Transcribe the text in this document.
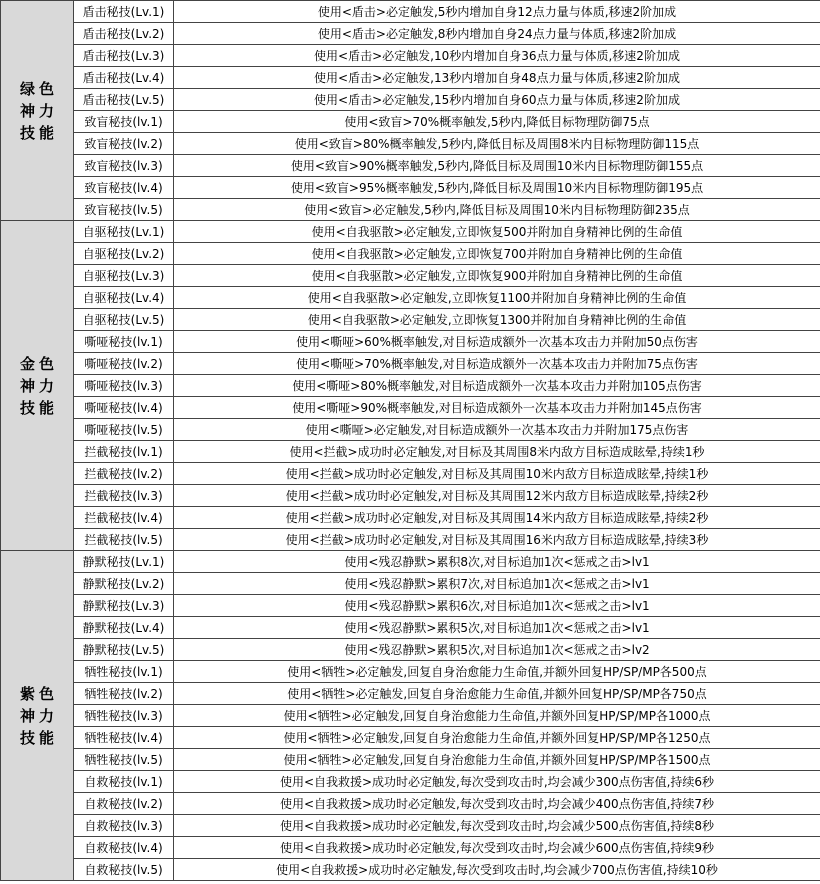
绿色神力技能	盾击秘技(Lv.1)	使用<盾击>必定触发,5秒内增加自身12点力量与体质,移速2阶加成
	盾击秘技(Lv.2)	使用<盾击>必定触发,8秒内增加自身24点力量与体质,移速2阶加成
	盾击秘技(Lv.3)	使用<盾击>必定触发,10秒内增加自身36点力量与体质,移速2阶加成
	盾击秘技(Lv.4)	使用<盾击>必定触发,13秒内增加自身48点力量与体质,移速2阶加成
	盾击秘技(Lv.5)	使用<盾击>必定触发,15秒内增加自身60点力量与体质,移速2阶加成
	致盲秘技(lv.1)	使用<致盲>70%概率触发,5秒内,降低目标物理防御75点
	致盲秘技(lv.2)	使用<致盲>80%概率触发,5秒内,降低目标及周围8米内目标物理防御115点
	致盲秘技(lv.3)	使用<致盲>90%概率触发,5秒内,降低目标及周围10米内目标物理防御155点
	致盲秘技(lv.4)	使用<致盲>95%概率触发,5秒内,降低目标及周围10米内目标物理防御195点
	致盲秘技(lv.5)	使用<致盲>必定触发,5秒内,降低目标及周围10米内目标物理防御235点
金色神力技能	自驱秘技(Lv.1)	使用<自我驱散>必定触发,立即恢复500并附加自身精神比例的生命值
	自驱秘技(Lv.2)	使用<自我驱散>必定触发,立即恢复700并附加自身精神比例的生命值
	自驱秘技(Lv.3)	使用<自我驱散>必定触发,立即恢复900并附加自身精神比例的生命值
	自驱秘技(Lv.4)	使用<自我驱散>必定触发,立即恢复1100并附加自身精神比例的生命值
	自驱秘技(Lv.5)	使用<自我驱散>必定触发,立即恢复1300并附加自身精神比例的生命值
	嘶哑秘技(lv.1)	使用<嘶哑>60%概率触发,对目标造成额外一次基本攻击力并附加50点伤害
	嘶哑秘技(lv.2)	使用<嘶哑>70%概率触发,对目标造成额外一次基本攻击力并附加75点伤害
	嘶哑秘技(lv.3)	使用<嘶哑>80%概率触发,对目标造成额外一次基本攻击力并附加105点伤害
	嘶哑秘技(lv.4)	使用<嘶哑>90%概率触发,对目标造成额外一次基本攻击力并附加145点伤害
	嘶哑秘技(lv.5)	使用<嘶哑>必定触发,对目标造成额外一次基本攻击力并附加175点伤害
	拦截秘技(lv.1)	使用<拦截>成功时必定触发,对目标及其周围8米内敌方目标造成眩晕,持续1秒
	拦截秘技(lv.2)	使用<拦截>成功时必定触发,对目标及其周围10米内敌方目标造成眩晕,持续1秒
	拦截秘技(lv.3)	使用<拦截>成功时必定触发,对目标及其周围12米内敌方目标造成眩晕,持续2秒
	拦截秘技(lv.4)	使用<拦截>成功时必定触发,对目标及其周围14米内敌方目标造成眩晕,持续2秒
	拦截秘技(lv.5)	使用<拦截>成功时必定触发,对目标及其周围16米内敌方目标造成眩晕,持续3秒
紫色神力技能	静默秘技(Lv.1)	使用<残忍静默>累积8次,对目标追加1次<惩戒之击>lv1
	静默秘技(Lv.2)	使用<残忍静默>累积7次,对目标追加1次<惩戒之击>lv1
	静默秘技(Lv.3)	使用<残忍静默>累积6次,对目标追加1次<惩戒之击>lv1
	静默秘技(Lv.4)	使用<残忍静默>累积5次,对目标追加1次<惩戒之击>lv1
	静默秘技(Lv.5)	使用<残忍静默>累积5次,对目标追加1次<惩戒之击>lv2
	牺牲秘技(lv.1)	使用<牺牲>必定触发,回复自身治愈能力生命值,并额外回复HP/SP/MP各500点
	牺牲秘技(lv.2)	使用<牺牲>必定触发,回复自身治愈能力生命值,并额外回复HP/SP/MP各750点
	牺牲秘技(lv.3)	使用<牺牲>必定触发,回复自身治愈能力生命值,并额外回复HP/SP/MP各1000点
	牺牲秘技(lv.4)	使用<牺牲>必定触发,回复自身治愈能力生命值,并额外回复HP/SP/MP各1250点
	牺牲秘技(lv.5)	使用<牺牲>必定触发,回复自身治愈能力生命值,并额外回复HP/SP/MP各1500点
	自救秘技(lv.1)	使用<自我救援>成功时必定触发,每次受到攻击时,均会减少300点伤害值,持续6秒
	自救秘技(lv.2)	使用<自我救援>成功时必定触发,每次受到攻击时,均会减少400点伤害值,持续7秒
	自救秘技(lv.3)	使用<自我救援>成功时必定触发,每次受到攻击时,均会减少500点伤害值,持续8秒
	自救秘技(lv.4)	使用<自我救援>成功时必定触发,每次受到攻击时,均会减少600点伤害值,持续9秒
	自救秘技(lv.5)	使用<自我救援>成功时必定触发,每次受到攻击时,均会减少700点伤害值,持续10秒
